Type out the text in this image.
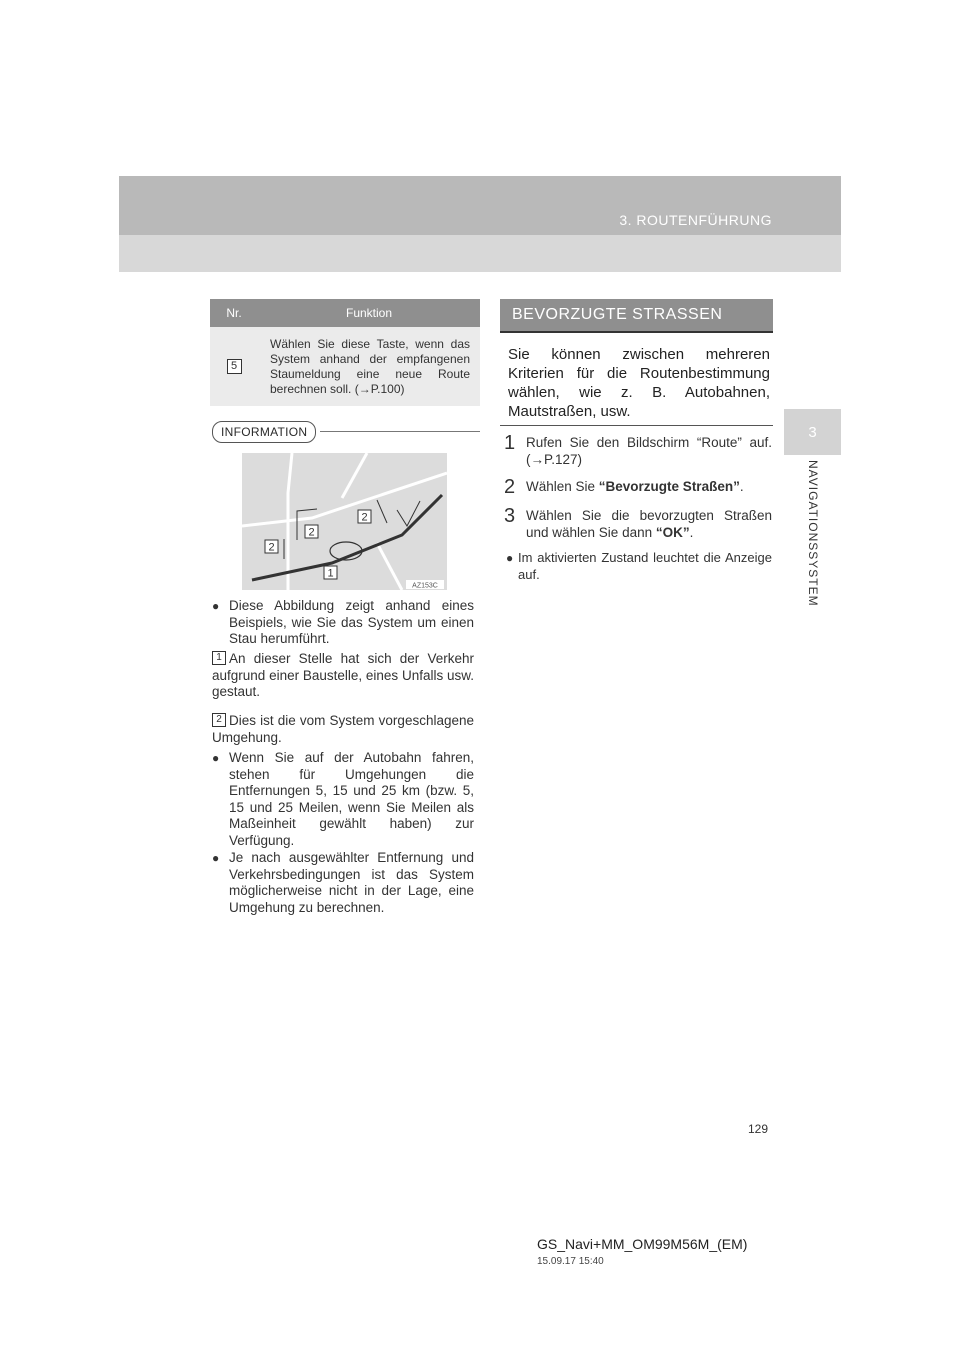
3. ROUTENFÜHRUNG
3
NAVIGATIONSSYSTEM
Nr.	Funktion
5
Wählen Sie diese Taste, wenn das System anhand der empfangenen Staumeldung eine neue Route berechnen soll. (→P.100)
INFORMATION
2
2
2
1
AZ153C
● Diese Abbildung zeigt anhand eines Beispiels, wie Sie das System um einen Stau herumführt.
1 An dieser Stelle hat sich der Verkehr aufgrund einer Baustelle, eines Unfalls usw. gestaut.
2 Dies ist die vom System vorgeschlagene Umgehung.
● Wenn Sie auf der Autobahn fahren, stehen für Umgehungen die Entfernungen 5, 15 und 25 km (bzw. 5, 15 und 25 Meilen, wenn Sie Meilen als Maßeinheit gewählt haben) zur Verfügung.
● Je nach ausgewählter Entfernung und Verkehrsbedingungen ist das System möglicherweise nicht in der Lage, eine Umgehung zu berechnen.
BEVORZUGTE STRASSEN
Sie können zwischen mehreren Kriterien für die Routenbestimmung wählen, wie z. B. Autobahnen, Mautstraßen, usw.
1 Rufen Sie den Bildschirm “Route” auf. (→P.127)
2 Wählen Sie “Bevorzugte Straßen”.
3 Wählen Sie die bevorzugten Straßen und wählen Sie dann “OK”.
● Im aktivierten Zustand leuchtet die Anzeige auf.
129
GS_Navi+MM_OM99M56M_(EM)
15.09.17 15:40
